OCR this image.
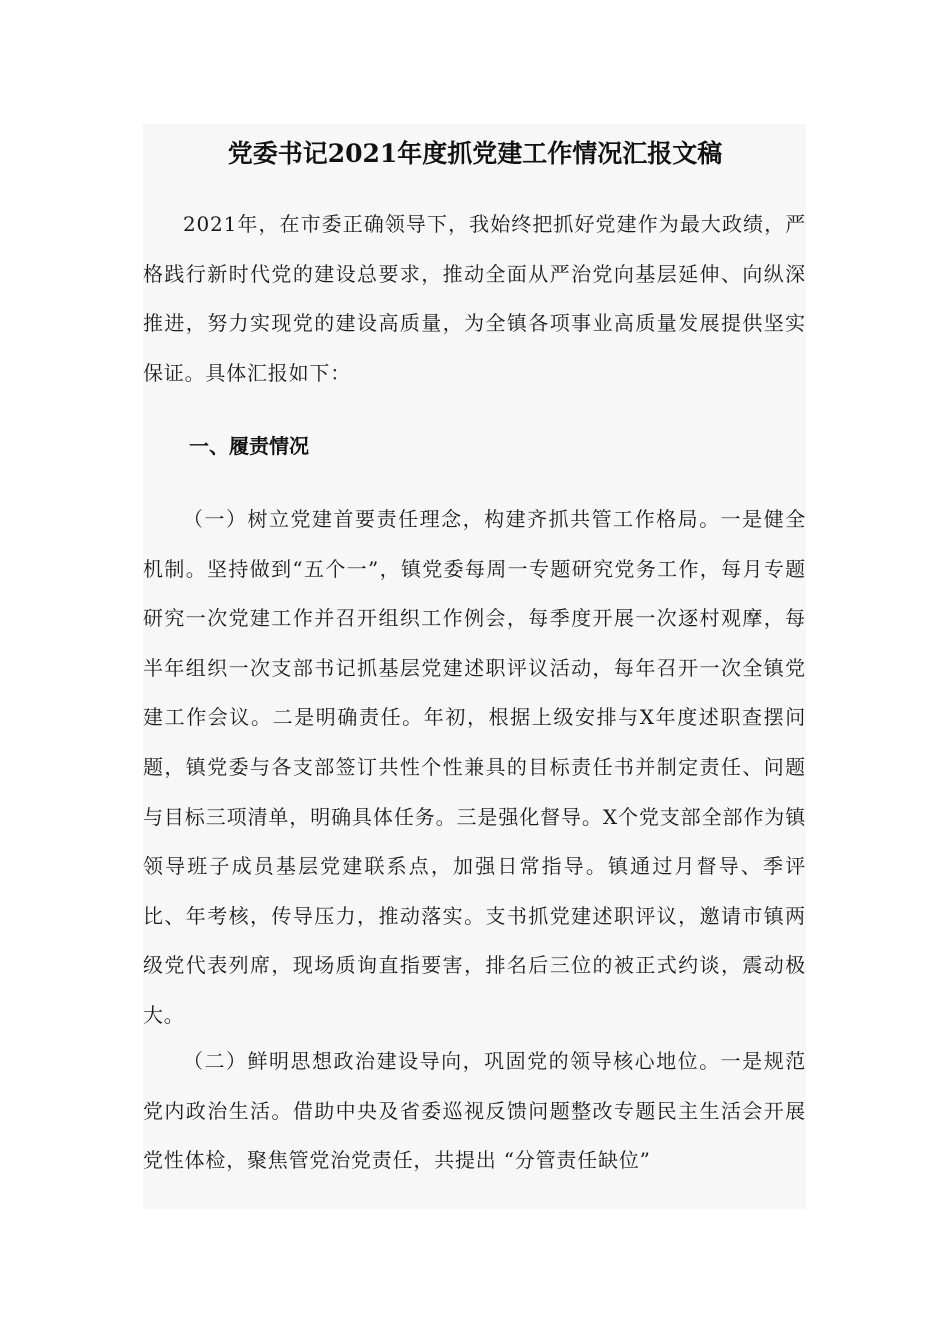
党委书记2021年度抓党建工作情况汇报文稿

2021年，在市委正确领导下，我始终把抓好党建作为最大政绩，严格践行新时代党的建设总要求，推动全面从严治党向基层延伸、向纵深推进，努力实现党的建设高质量，为全镇各项事业高质量发展提供坚实保证。具体汇报如下：

一、履责情况

（一）树立党建首要责任理念，构建齐抓共管工作格局。一是健全机制。坚持做到“五个一”，镇党委每周一专题研究党务工作，每月专题研究一次党建工作并召开组织工作例会，每季度开展一次逐村观摩，每半年组织一次支部书记抓基层党建述职评议活动，每年召开一次全镇党建工作会议。二是明确责任。年初，根据上级安排与X年度述职查摆问题，镇党委与各支部签订共性个性兼具的目标责任书并制定责任、问题与目标三项清单，明确具体任务。三是强化督导。X个党支部全部作为镇领导班子成员基层党建联系点，加强日常指导。镇通过月督导、季评比、年考核，传导压力，推动落实。支书抓党建述职评议，邀请市镇两级党代表列席，现场质询直指要害，排名后三位的被正式约谈，震动极大。

（二）鲜明思想政治建设导向，巩固党的领导核心地位。一是规范党内政治生活。借助中央及省委巡视反馈问题整改专题民主生活会开展党性体检，聚焦管党治党责任，共提出 “分管责任缺位”
